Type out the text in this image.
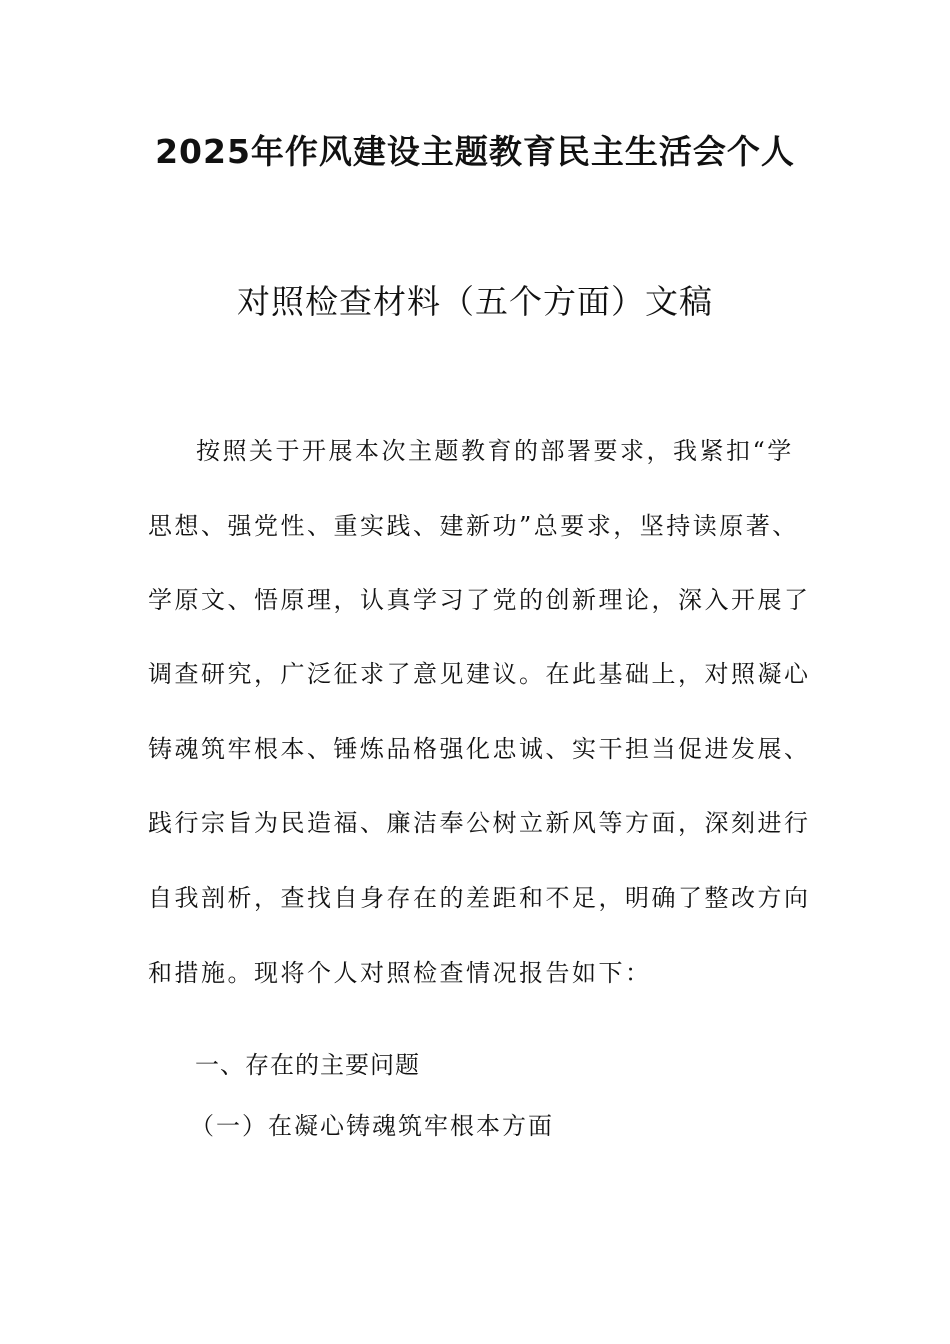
2025年作风建设主题教育民主生活会个人
对照检查材料（五个方面）文稿
按照关于开展本次主题教育的部署要求，我紧扣“学
思想、强党性、重实践、建新功”总要求，坚持读原著、
学原文、悟原理，认真学习了党的创新理论，深入开展了
调查研究，广泛征求了意见建议。在此基础上，对照凝心
铸魂筑牢根本、锤炼品格强化忠诚、实干担当促进发展、
践行宗旨为民造福、廉洁奉公树立新风等方面，深刻进行
自我剖析，查找自身存在的差距和不足，明确了整改方向
和措施。现将个人对照检查情况报告如下：
一、存在的主要问题
（一）在凝心铸魂筑牢根本方面
